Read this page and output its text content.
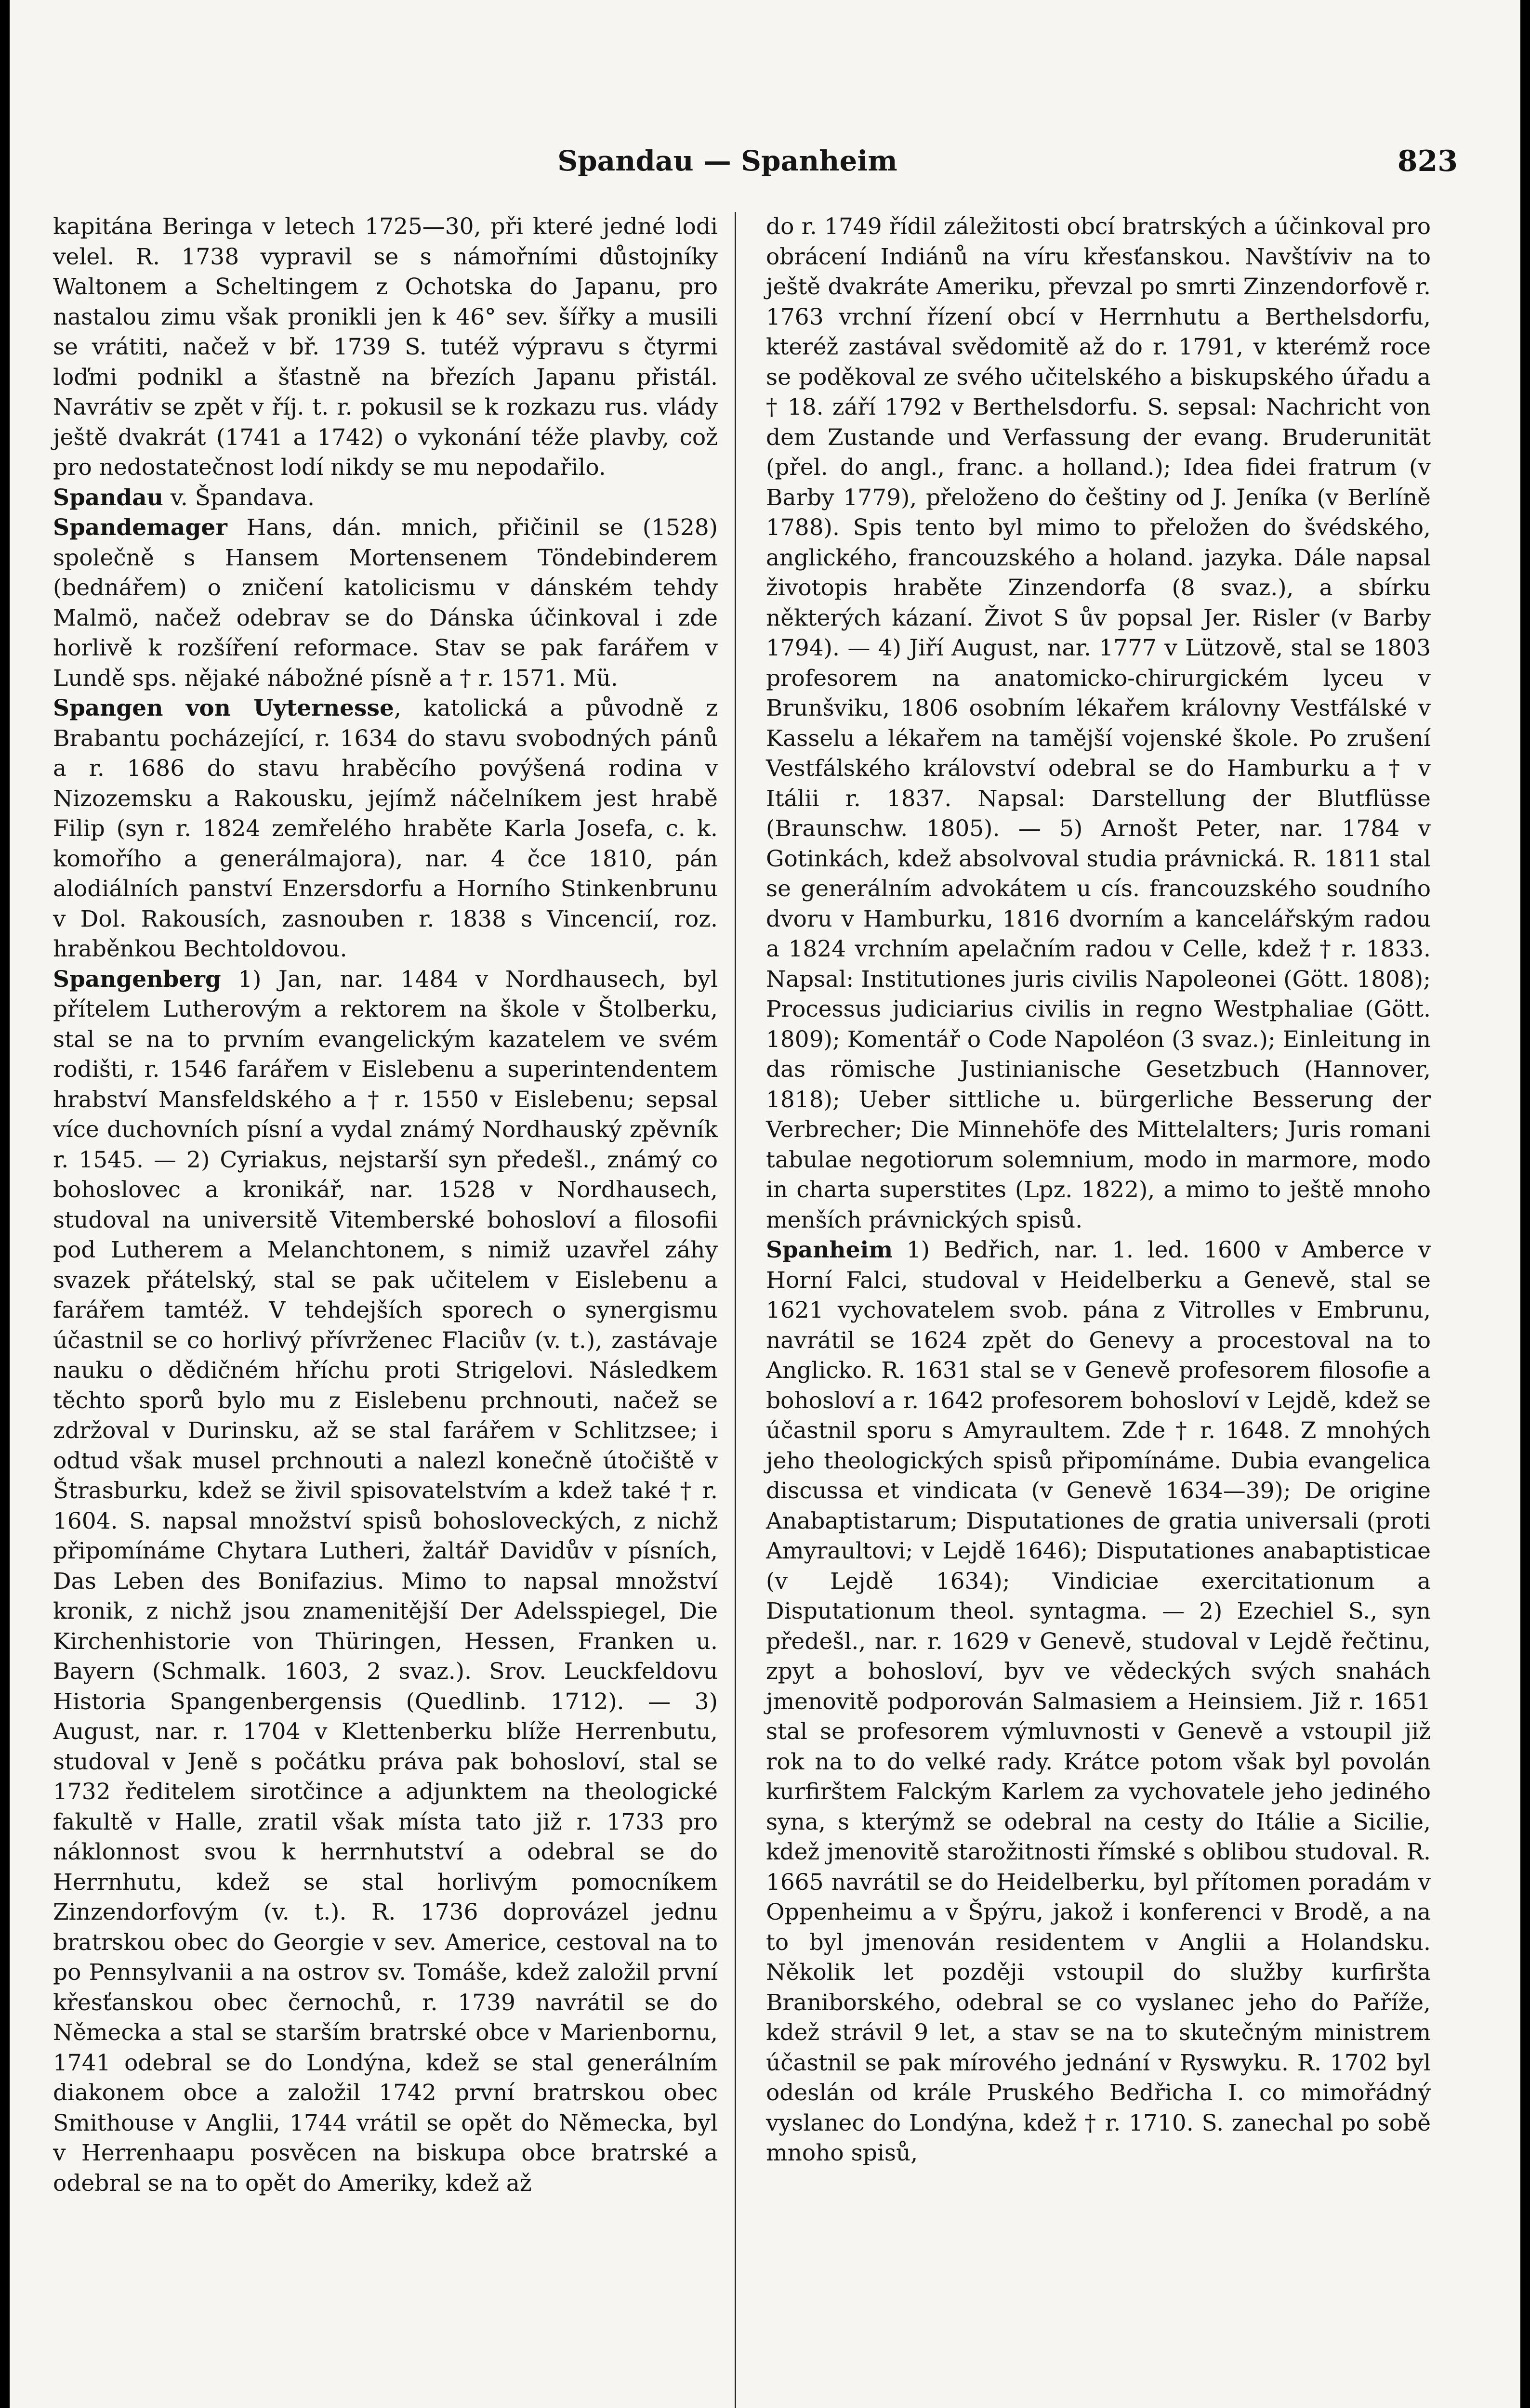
Spandau — Spanheim	823

kapitána Beringa v letech 1725—30, při které jedné lodi velel. R. 1738 vypravil se s námořními důstojníky Waltonem a Scheltingem z Ochotska do Japanu, pro nastalou zimu však pronikli jen k 46° sev. šířky a musili se vrátiti, načež v bř. 1739 S. tutéž výpravu s čtyrmi loďmi podnikl a šťastně na březích Japanu přistál. Navrátiv se zpět v říj. t. r. pokusil se k rozkazu rus. vlády ještě dvakrát (1741 a 1742) o vykonání téže plavby, což pro nedostatečnost lodí nikdy se mu nepodařilo.

Spandau v. Špandava.

Spandemager Hans, dán. mnich, přičinil se (1528) společně s Hansem Mortensenem Töndebinderem (bednářem) o zničení katolicismu v dánském tehdy Malmö, načež odebrav se do Dánska účinkoval i zde horlivě k rozšíření reformace. Stav se pak farářem v Lundě sps. nějaké nábožné písně a † r. 1571. Mü.

Spangen von Uyternesse, katolická a původně z Brabantu pocházející, r. 1634 do stavu svobodných pánů a r. 1686 do stavu hraběcího povýšená rodina v Nizozemsku a Rakousku, jejímž náčelníkem jest hrabě Filip (syn r. 1824 zemřelého hraběte Karla Josefa, c. k. komořího a generálmajora), nar. 4 čce 1810, pán alodiálních panství Enzersdorfu a Horního Stinkenbrunu v Dol. Rakousích, zasnouben r. 1838 s Vincencií, roz. hraběnkou Bechtoldovou.

Spangenberg 1) Jan, nar. 1484 v Nordhausech, byl přítelem Lutherovým a rektorem na škole v Štolberku, stal se na to prvním evangelickým kazatelem ve svém rodišti, r. 1546 farářem v Eislebenu a superintendentem hrabství Mansfeldského a † r. 1550 v Eislebenu; sepsal více duchovních písní a vydal známý Nordhauský zpěvník r. 1545. — 2) Cyriakus, nejstarší syn předešl., známý co bohoslovec a kronikář, nar. 1528 v Nordhausech, studoval na universitě Vitemberské bohosloví a filosofii pod Lutherem a Melanchtonem, s nimiž uzavřel záhy svazek přátelský, stal se pak učitelem v Eislebenu a farářem tamtéž. V tehdejších sporech o synergismu účastnil se co horlivý přívrženec Flaciův (v. t.), zastávaje nauku o dědičném hříchu proti Strigelovi. Následkem těchto sporů bylo mu z Eislebenu prchnouti, načež se zdržoval v Durinsku, až se stal farářem v Schlitzsee; i odtud však musel prchnouti a nalezl konečně útočiště v Štrasburku, kdež se živil spisovatelstvím a kdež také † r. 1604. S. napsal množství spisů bohosloveckých, z nichž připomínáme Chytara Lutheri, žaltář Davidův v písních, Das Leben des Bonifazius. Mimo to napsal množství kronik, z nichž jsou znamenitější Der Adelsspiegel, Die Kirchenhistorie von Thüringen, Hessen, Franken u. Bayern (Schmalk. 1603, 2 svaz.). Srov. Leuckfeldovu Historia Spangenbergensis (Quedlinb. 1712). — 3) August, nar. r. 1704 v Klettenberku blíže Herrenbutu, studoval v Jeně s počátku práva pak bohosloví, stal se 1732 ředitelem sirotčince a adjunktem na theologické fakultě v Halle, zratil však místa tato již r. 1733 pro náklonnost svou k herrnhutství a odebral se do Herrnhutu, kdež se stal horlivým pomocníkem Zinzendorfovým (v. t.). R. 1736 doprovázel jednu bratrskou obec do Georgie v sev. Americe, cestoval na to po Pennsylvanii a na ostrov sv. Tomáše, kdež založil první křesťanskou obec černochů, r. 1739 navrátil se do Německa a stal se starším bratrské obce v Marienbornu, 1741 odebral se do Londýna, kdež se stal generálním diakonem obce a založil 1742 první bratrskou obec Smithouse v Anglii, 1744 vrátil se opět do Německa, byl v Herrenhaapu posvěcen na biskupa obce bratrské a odebral se na to opět do Ameriky, kdež až

do r. 1749 řídil záležitosti obcí bratrských a účinkoval pro obrácení Indiánů na víru křesťanskou. Navštíviv na to ještě dvakráte Ameriku, převzal po smrti Zinzendorfově r. 1763 vrchní řízení obcí v Herrnhutu a Berthelsdorfu, kteréž zastával svědomitě až do r. 1791, v kterémž roce se poděkoval ze svého učitelského a biskupského úřadu a † 18. září 1792 v Berthelsdorfu. S. sepsal: Nachricht von dem Zustande und Verfassung der evang. Bruderunität (přel. do angl., franc. a holland.); Idea fidei fratrum (v Barby 1779), přeloženo do češtiny od J. Jeníka (v Berlíně 1788). Spis tento byl mimo to přeložen do švédského, anglického, francouzského a holand. jazyka. Dále napsal životopis hraběte Zinzendorfa (8 svaz.), a sbírku některých kázaní. Život S ův popsal Jer. Risler (v Barby 1794). — 4) Jiří August, nar. 1777 v Lützově, stal se 1803 profesorem na anatomicko-chirurgickém lyceu v Brunšviku, 1806 osobním lékařem královny Vestfálské v Kasselu a lékařem na tamější vojenské škole. Po zrušení Vestfálského království odebral se do Hamburku a † v Itálii r. 1837. Napsal: Darstellung der Blutflüsse (Braunschw. 1805). — 5) Arnošt Peter, nar. 1784 v Gotinkách, kdež absolvoval studia právnická. R. 1811 stal se generálním advokátem u cís. francouzského soudního dvoru v Hamburku, 1816 dvorním a kancelářským radou a 1824 vrchním apelačním radou v Celle, kdež † r. 1833. Napsal: Institutiones juris civilis Napoleonei (Gött. 1808); Processus judiciarius civilis in regno Westphaliae (Gött. 1809); Komentář o Code Napoléon (3 svaz.); Einleitung in das römische Justinianische Gesetzbuch (Hannover, 1818); Ueber sittliche u. bürgerliche Besserung der Verbrecher; Die Minnehöfe des Mittelalters; Juris romani tabulae negotiorum solemnium, modo in marmore, modo in charta superstites (Lpz. 1822), a mimo to ještě mnoho menších právnických spisů.

Spanheim 1) Bedřich, nar. 1. led. 1600 v Amberce v Horní Falci, studoval v Heidelberku a Genevě, stal se 1621 vychovatelem svob. pána z Vitrolles v Embrunu, navrátil se 1624 zpět do Genevy a procestoval na to Anglicko. R. 1631 stal se v Genevě profesorem filosofie a bohosloví a r. 1642 profesorem bohosloví v Lejdě, kdež se účastnil sporu s Amyraultem. Zde † r. 1648. Z mnohých jeho theologických spisů připomínáme. Dubia evangelica discussa et vindicata (v Genevě 1634—39); De origine Anabaptistarum; Disputationes de gratia universali (proti Amyraultovi; v Lejdě 1646); Disputationes anabaptisticae (v Lejdě 1634); Vindiciae exercitationum a Disputationum theol. syntagma. — 2) Ezechiel S., syn předešl., nar. r. 1629 v Genevě, studoval v Lejdě řečtinu, zpyt a bohosloví, byv ve vědeckých svých snahách jmenovitě podporován Salmasiem a Heinsiem. Již r. 1651 stal se profesorem výmluvnosti v Genevě a vstoupil již rok na to do velké rady. Krátce potom však byl povolán kurfirštem Falckým Karlem za vychovatele jeho jediného syna, s kterýmž se odebral na cesty do Itálie a Sicilie, kdež jmenovitě starožitnosti římské s oblibou studoval. R. 1665 navrátil se do Heidelberku, byl přítomen poradám v Oppenheimu a v Špýru, jakož i konferenci v Brodě, a na to byl jmenován residentem v Anglii a Holandsku. Několik let později vstoupil do služby kurfiršta Braniborského, odebral se co vyslanec jeho do Paříže, kdež strávil 9 let, a stav se na to skutečným ministrem účastnil se pak mírového jednání v Ryswyku. R. 1702 byl odeslán od krále Pruského Bedřicha I. co mimořádný vyslanec do Londýna, kdež † r. 1710. S. zanechal po sobě mnoho spisů,
